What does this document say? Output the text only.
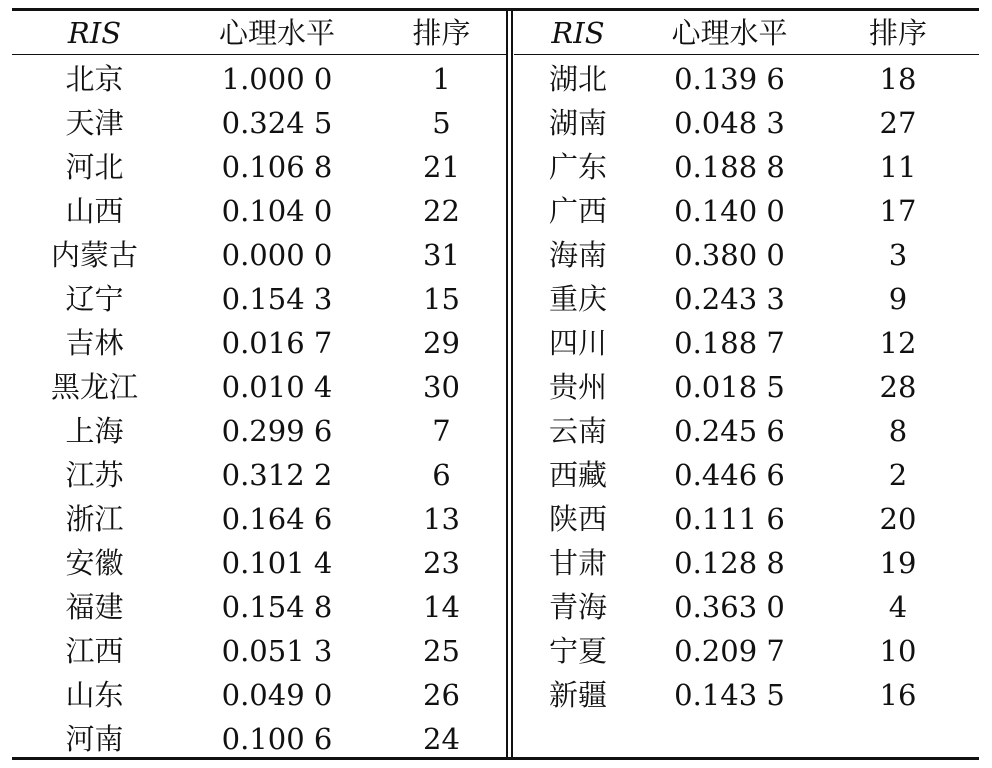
RIS	心理水平	排序
北京	1.000 0	1
天津	0.324 5	5
河北	0.106 8	21
山西	0.104 0	22
内蒙古	0.000 0	31
辽宁	0.154 3	15
吉林	0.016 7	29
黑龙江	0.010 4	30
上海	0.299 6	7
江苏	0.312 2	6
浙江	0.164 6	13
安徽	0.101 4	23
福建	0.154 8	14
江西	0.051 3	25
山东	0.049 0	26
河南	0.100 6	24
RIS	心理水平	排序
湖北	0.139 6	18
湖南	0.048 3	27
广东	0.188 8	11
广西	0.140 0	17
海南	0.380 0	3
重庆	0.243 3	9
四川	0.188 7	12
贵州	0.018 5	28
云南	0.245 6	8
西藏	0.446 6	2
陕西	0.111 6	20
甘肃	0.128 8	19
青海	0.363 0	4
宁夏	0.209 7	10
新疆	0.143 5	16
